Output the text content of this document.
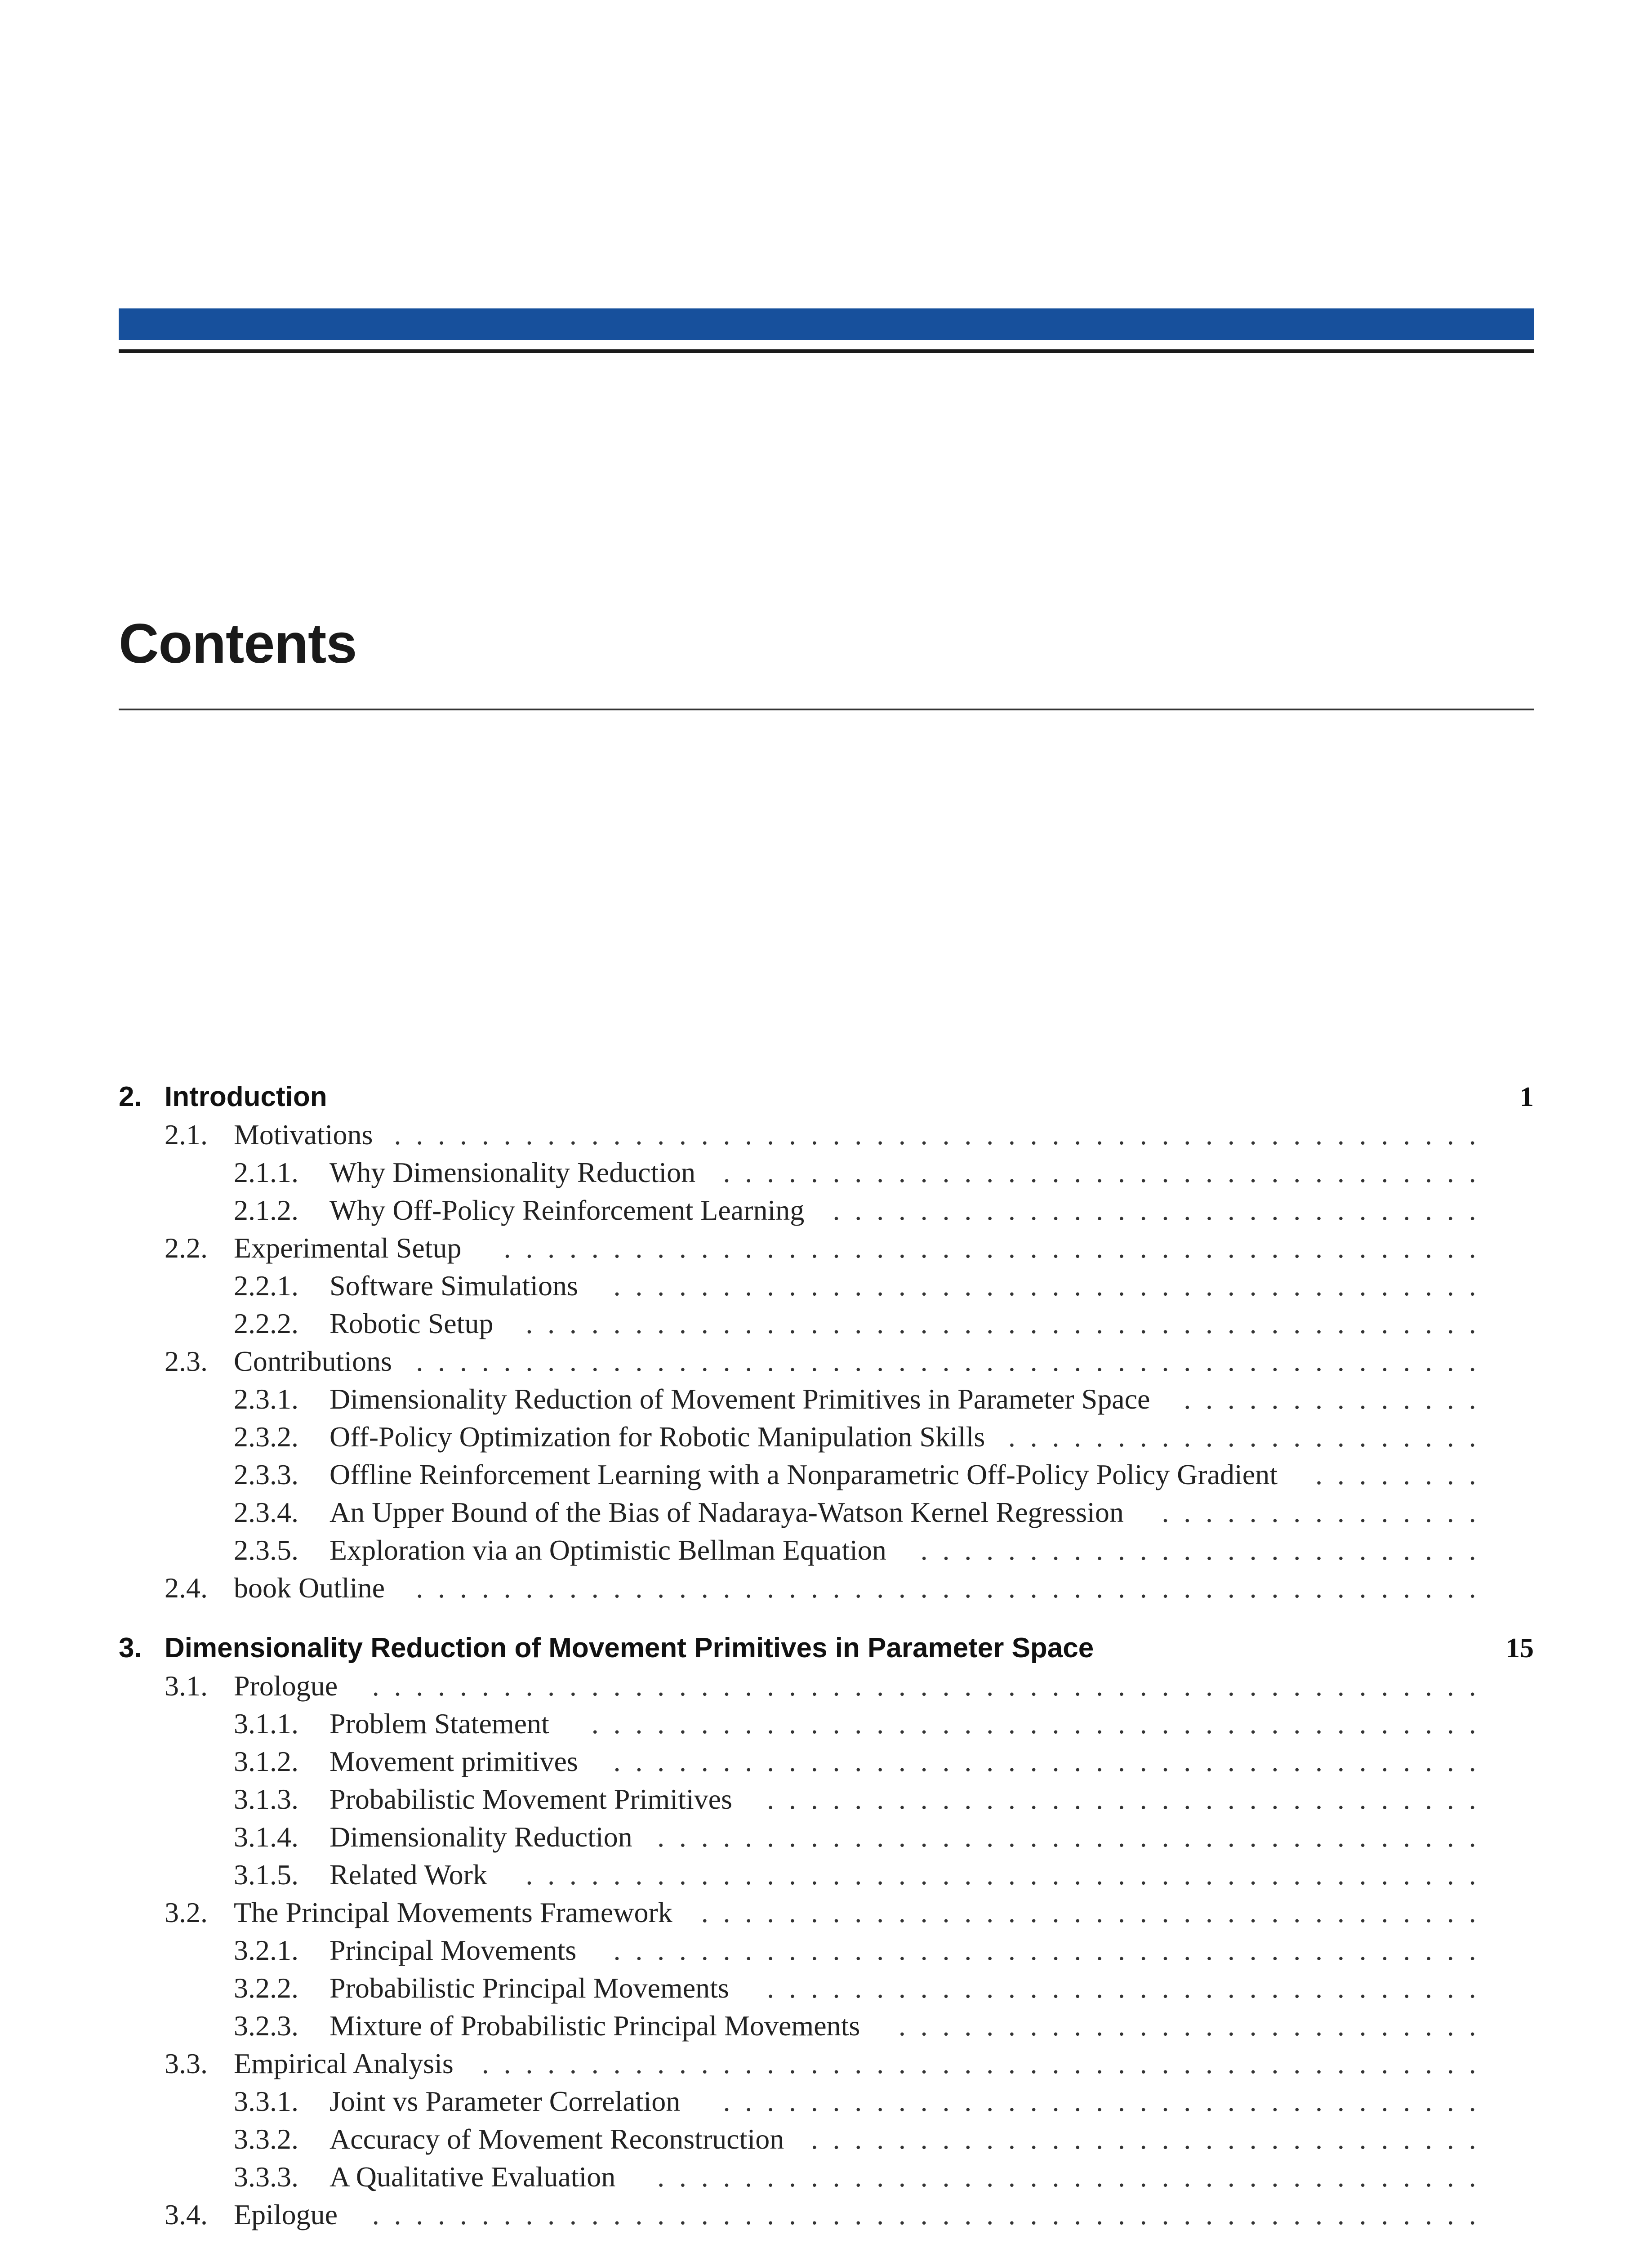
Contents
2. Introduction	1
2.1. Motivations . . . . . . . . . . . . . . . . . . . . . . . . . . . . . . . . . . . . . . . . . . . . . . . . . .
2.1.1. Why Dimensionality Reduction . . . . . . . . . . . . . . . . . . . . . . . . . . . . . . . . . . .
2.1.2. Why Off-Policy Reinforcement Learning . . . . . . . . . . . . . . . . . . . . . . . . . . . . . .
2.2. Experimental Setup . . . . . . . . . . . . . . . . . . . . . . . . . . . . . . . . . . . . . . . . . . . . .
2.2.1. Software Simulations . . . . . . . . . . . . . . . . . . . . . . . . . . . . . . . . . . . . . . . .
2.2.2. Robotic Setup . . . . . . . . . . . . . . . . . . . . . . . . . . . . . . . . . . . . . . . . . . . .
2.3. Contributions . . . . . . . . . . . . . . . . . . . . . . . . . . . . . . . . . . . . . . . . . . . . . . . . .
2.3.1. Dimensionality Reduction of Movement Primitives in Parameter Space . . . . . . . . . . . . . .
2.3.2. Off-Policy Optimization for Robotic Manipulation Skills . . . . . . . . . . . . . . . . . . . . . .
2.3.3. Offline Reinforcement Learning with a Nonparametric Off-Policy Policy Gradient . . . . . . . .
2.3.4. An Upper Bound of the Bias of Nadaraya-Watson Kernel Regression . . . . . . . . . . . . . . .
2.3.5. Exploration via an Optimistic Bellman Equation . . . . . . . . . . . . . . . . . . . . . . . . . .
2.4. book Outline . . . . . . . . . . . . . . . . . . . . . . . . . . . . . . . . . . . . . . . . . . . . . . . . .
3. Dimensionality Reduction of Movement Primitives in Parameter Space	15
3.1. Prologue . . . . . . . . . . . . . . . . . . . . . . . . . . . . . . . . . . . . . . . . . . . . . . . . . . .
3.1.1. Problem Statement . . . . . . . . . . . . . . . . . . . . . . . . . . . . . . . . . . . . . . . . .
3.1.2. Movement primitives . . . . . . . . . . . . . . . . . . . . . . . . . . . . . . . . . . . . . . . .
3.1.3. Probabilistic Movement Primitives . . . . . . . . . . . . . . . . . . . . . . . . . . . . . . . . .
3.1.4. Dimensionality Reduction . . . . . . . . . . . . . . . . . . . . . . . . . . . . . . . . . . . . . .
3.1.5. Related Work . . . . . . . . . . . . . . . . . . . . . . . . . . . . . . . . . . . . . . . . . . . .
3.2. The Principal Movements Framework . . . . . . . . . . . . . . . . . . . . . . . . . . . . . . . . . . . .
3.2.1. Principal Movements . . . . . . . . . . . . . . . . . . . . . . . . . . . . . . . . . . . . . . . .
3.2.2. Probabilistic Principal Movements . . . . . . . . . . . . . . . . . . . . . . . . . . . . . . . . .
3.2.3. Mixture of Probabilistic Principal Movements . . . . . . . . . . . . . . . . . . . . . . . . . . .
3.3. Empirical Analysis . . . . . . . . . . . . . . . . . . . . . . . . . . . . . . . . . . . . . . . . . . . . . .
3.3.1. Joint vs Parameter Correlation . . . . . . . . . . . . . . . . . . . . . . . . . . . . . . . . . . .
3.3.2. Accuracy of Movement Reconstruction . . . . . . . . . . . . . . . . . . . . . . . . . . . . . . .
3.3.3. A Qualitative Evaluation . . . . . . . . . . . . . . . . . . . . . . . . . . . . . . . . . . . . . .
3.4. Epilogue . . . . . . . . . . . . . . . . . . . . . . . . . . . . . . . . . . . . . . . . . . . . . . . . . . .
